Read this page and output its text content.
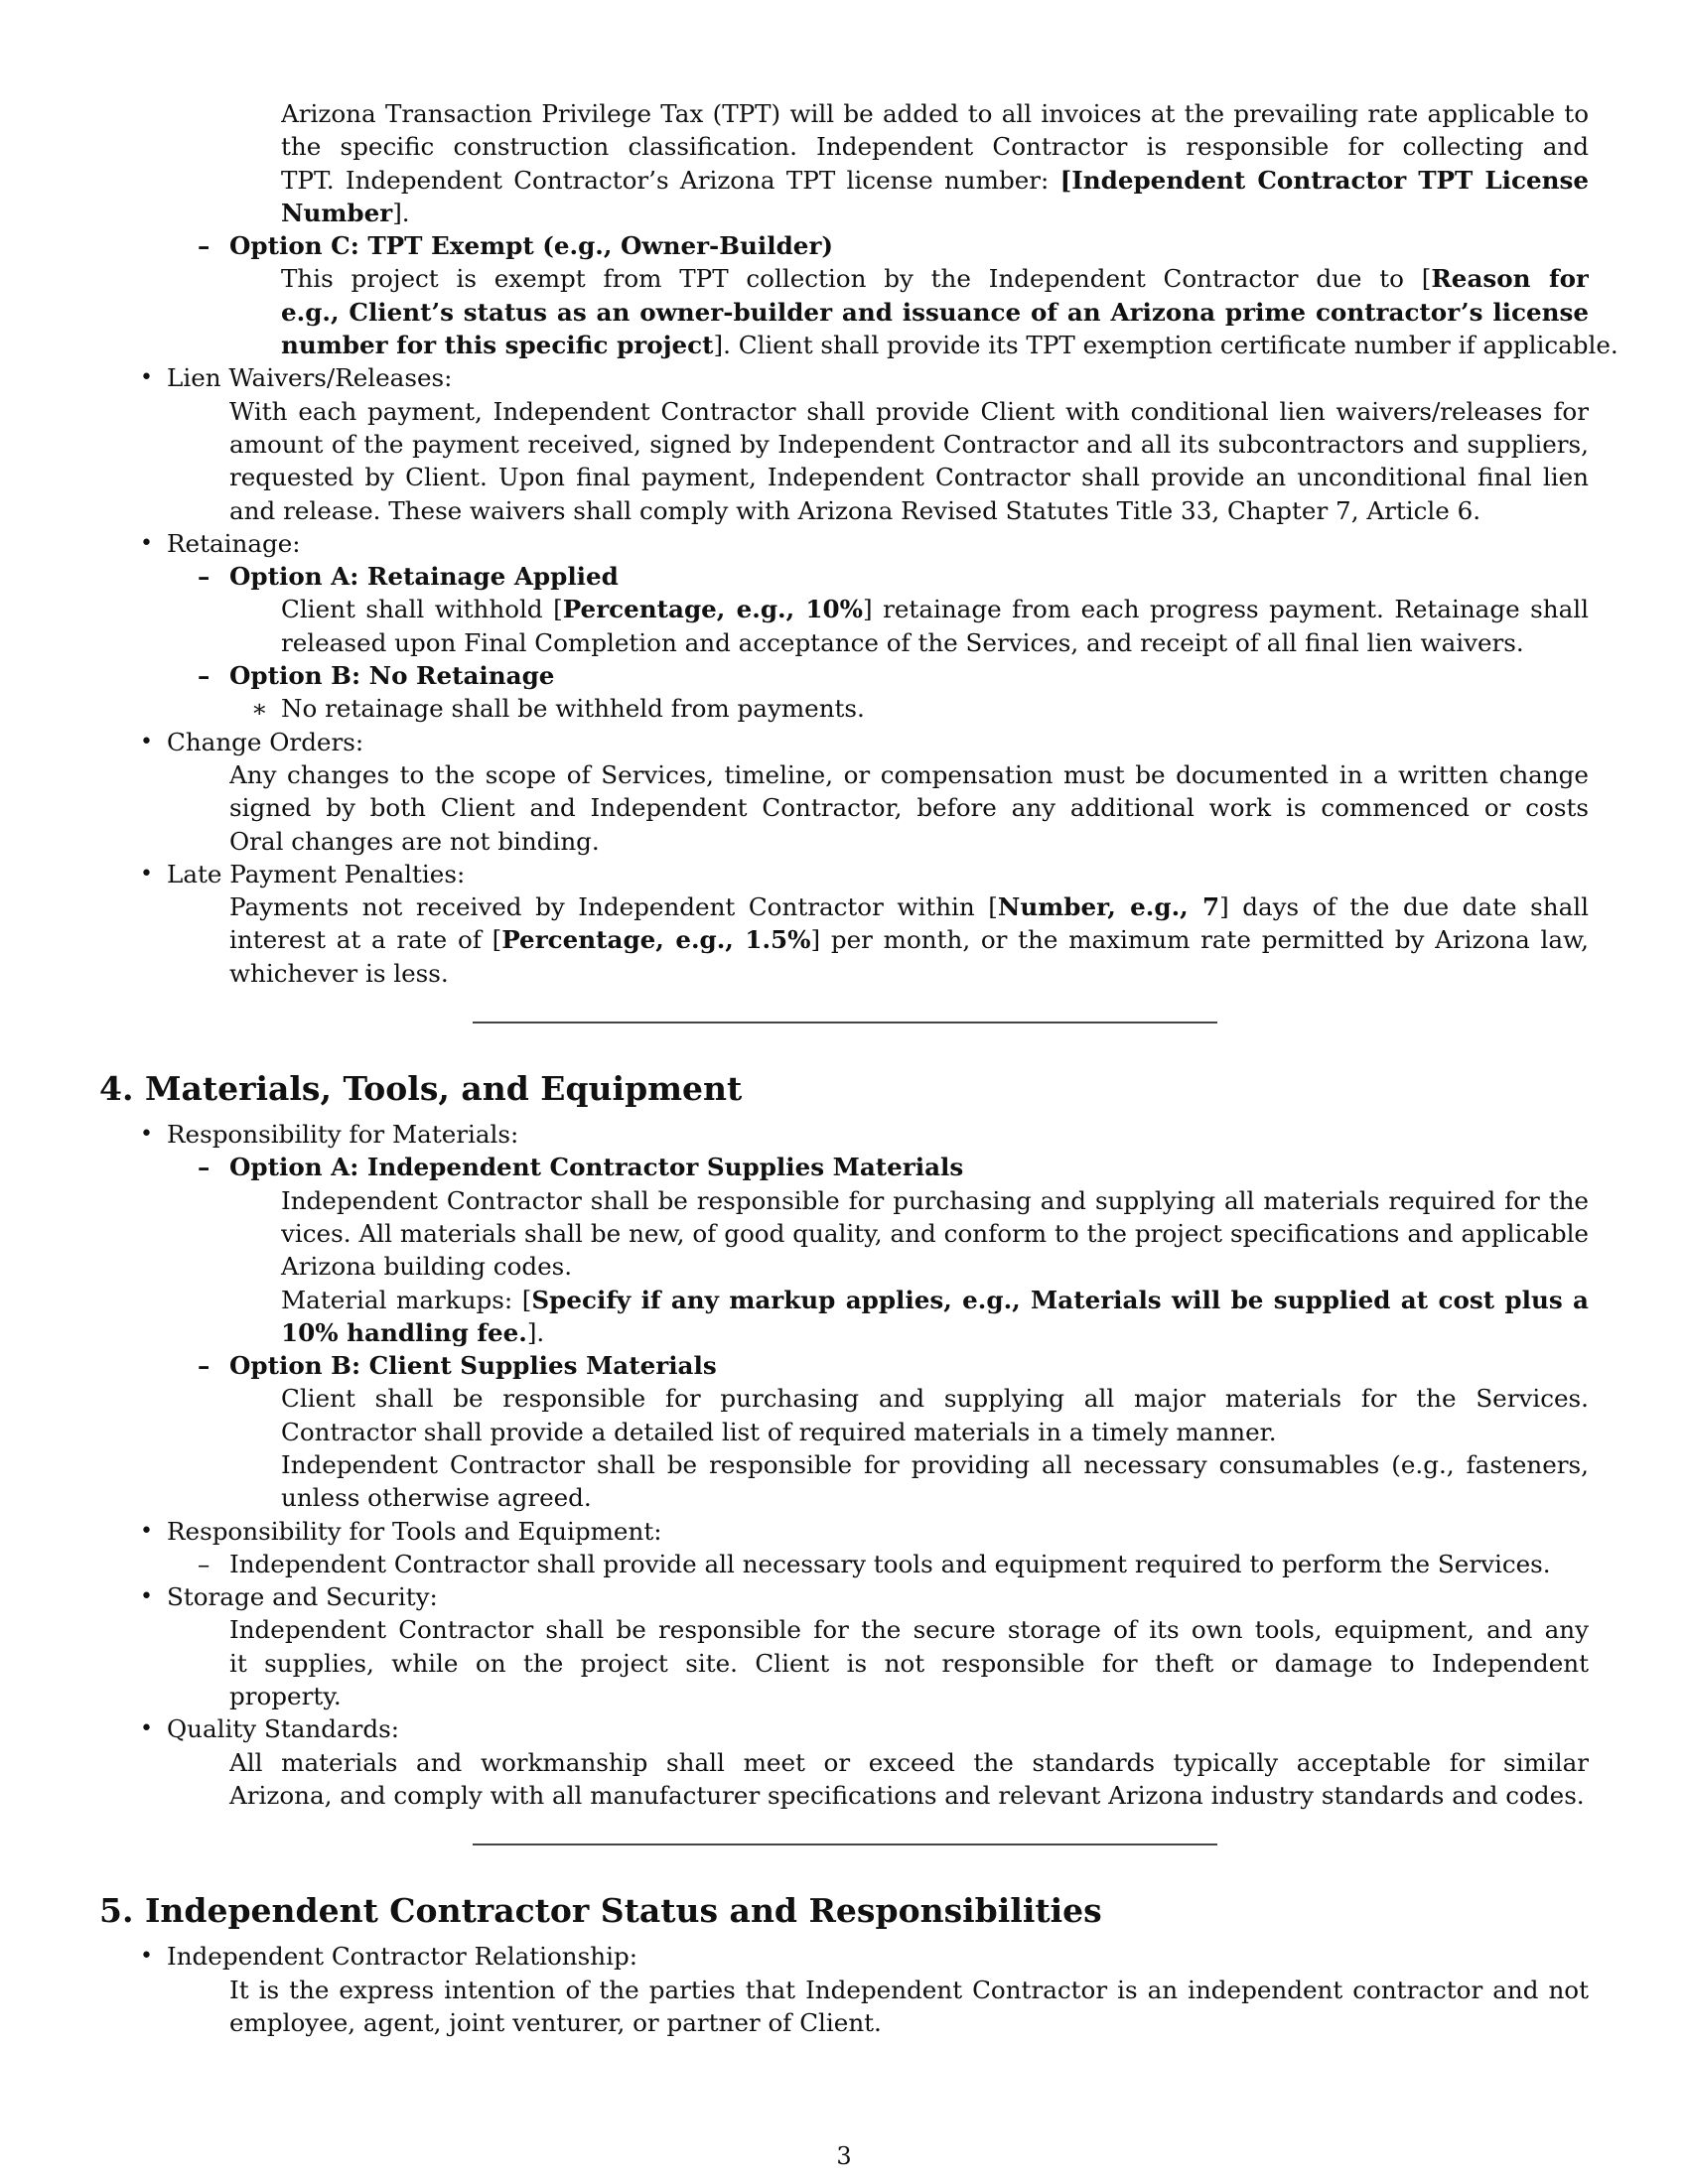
Arizona Transaction Privilege Tax (TPT) will be added to all invoices at the prevailing rate applicable to
the specific construction classification. Independent Contractor is responsible for collecting and
TPT. Independent Contractor’s Arizona TPT license number: [Independent Contractor TPT License
Number].
– Option C: TPT Exempt (e.g., Owner-Builder)
This project is exempt from TPT collection by the Independent Contractor due to [Reason for
e.g., Client’s status as an owner-builder and issuance of an Arizona prime contractor’s license
number for this specific project]. Client shall provide its TPT exemption certificate number if applicable.
• Lien Waivers/Releases:
With each payment, Independent Contractor shall provide Client with conditional lien waivers/releases for
amount of the payment received, signed by Independent Contractor and all its subcontractors and suppliers,
requested by Client. Upon final payment, Independent Contractor shall provide an unconditional final lien
and release. These waivers shall comply with Arizona Revised Statutes Title 33, Chapter 7, Article 6.
• Retainage:
– Option A: Retainage Applied
Client shall withhold [Percentage, e.g., 10%] retainage from each progress payment. Retainage shall
released upon Final Completion and acceptance of the Services, and receipt of all final lien waivers.
– Option B: No Retainage
∗ No retainage shall be withheld from payments.
• Change Orders:
Any changes to the scope of Services, timeline, or compensation must be documented in a written change
signed by both Client and Independent Contractor, before any additional work is commenced or costs
Oral changes are not binding.
• Late Payment Penalties:
Payments not received by Independent Contractor within [Number, e.g., 7] days of the due date shall
interest at a rate of [Percentage, e.g., 1.5%] per month, or the maximum rate permitted by Arizona law,
whichever is less.
4. Materials, Tools, and Equipment
• Responsibility for Materials:
– Option A: Independent Contractor Supplies Materials
Independent Contractor shall be responsible for purchasing and supplying all materials required for the
vices. All materials shall be new, of good quality, and conform to the project specifications and applicable
Arizona building codes.
Material markups: [Specify if any markup applies, e.g., Materials will be supplied at cost plus a
10% handling fee.].
– Option B: Client Supplies Materials
Client shall be responsible for purchasing and supplying all major materials for the Services.
Contractor shall provide a detailed list of required materials in a timely manner.
Independent Contractor shall be responsible for providing all necessary consumables (e.g., fasteners,
unless otherwise agreed.
• Responsibility for Tools and Equipment:
– Independent Contractor shall provide all necessary tools and equipment required to perform the Services.
• Storage and Security:
Independent Contractor shall be responsible for the secure storage of its own tools, equipment, and any
it supplies, while on the project site. Client is not responsible for theft or damage to Independent
property.
• Quality Standards:
All materials and workmanship shall meet or exceed the standards typically acceptable for similar
Arizona, and comply with all manufacturer specifications and relevant Arizona industry standards and codes.
5. Independent Contractor Status and Responsibilities
• Independent Contractor Relationship:
It is the express intention of the parties that Independent Contractor is an independent contractor and not
employee, agent, joint venturer, or partner of Client.
3
